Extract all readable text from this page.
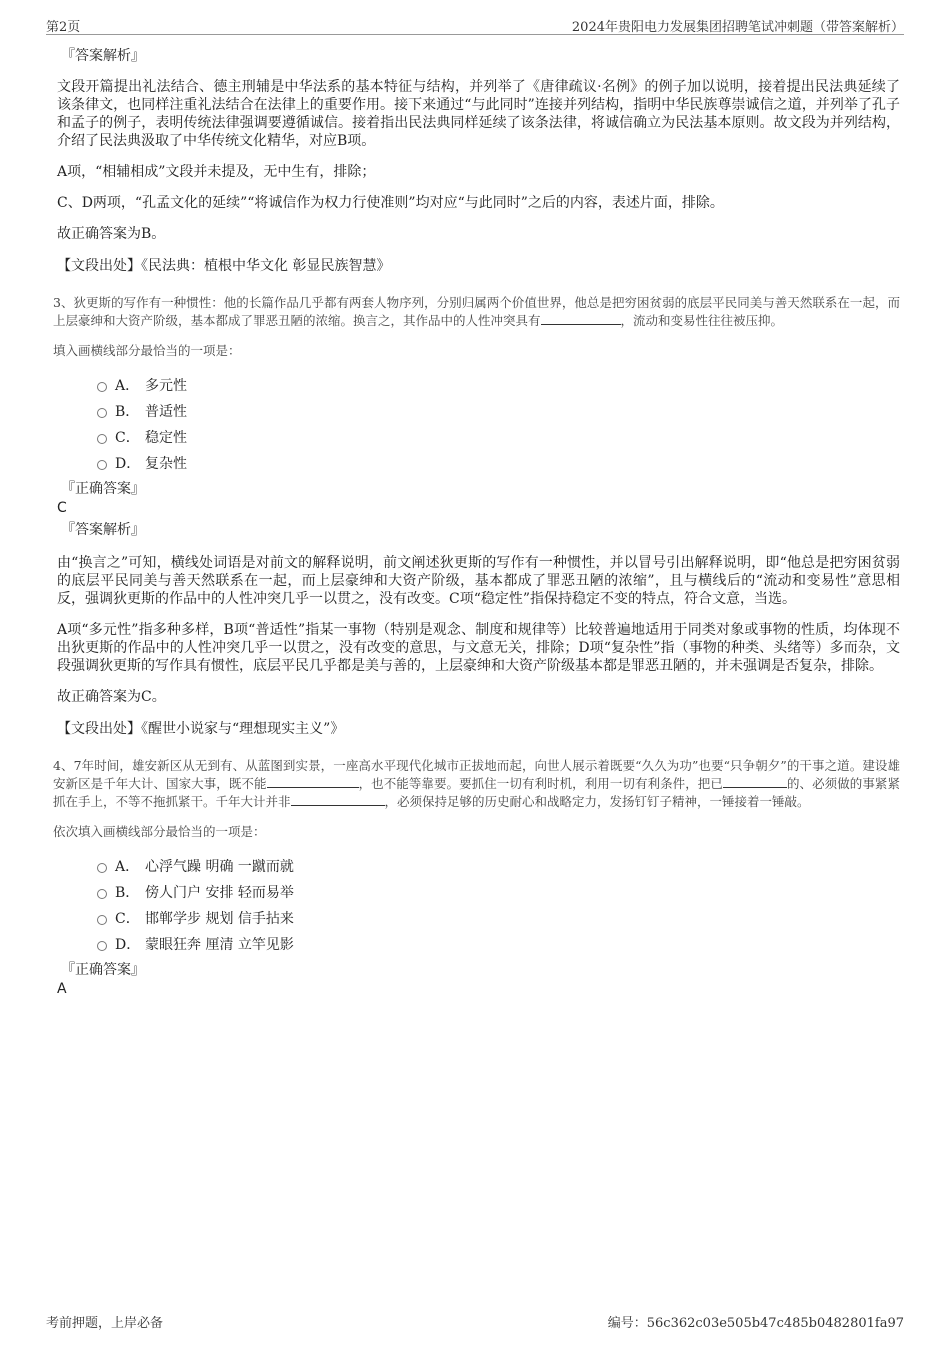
第2页	2024年贵阳电力发展集团招聘笔试冲刺题（带答案解析）
『答案解析』

文段开篇提出礼法结合、德主刑辅是中华法系的基本特征与结构，并列举了《唐律疏议·名例》的例子加以说明，接着提出民法典延续了该条律文，也同样注重礼法结合在法律上的重要作用。接下来通过“与此同时”连接并列结构，指明中华民族尊崇诚信之道，并列举了孔子和孟子的例子，表明传统法律强调要遵循诚信。接着指出民法典同样延续了该条法律，将诚信确立为民法基本原则。故文段为并列结构，介绍了民法典汲取了中华传统文化精华，对应B项。

A项，“相辅相成”文段并未提及，无中生有，排除；

C、D两项，“孔孟文化的延续”“将诚信作为权力行使准则”均对应“与此同时”之后的内容，表述片面，排除。

故正确答案为B。

【文段出处】《民法典：植根中华文化 彰显民族智慧》
3、狄更斯的写作有一种惯性：他的长篇作品几乎都有两套人物序列，分别归属两个价值世界，他总是把穷困贫弱的底层平民同美与善天然联系在一起，而上层豪绅和大资产阶级，基本都成了罪恶丑陋的浓缩。换言之，其作品中的人性冲突具有	，流动和变易性往往被压抑。
填入画横线部分最恰当的一项是：
A． 多元性
B． 普适性
C． 稳定性
D． 复杂性
『正确答案』
C
『答案解析』

由“换言之”可知，横线处词语是对前文的解释说明，前文阐述狄更斯的写作有一种惯性，并以冒号引出解释说明，即“他总是把穷困贫弱的底层平民同美与善天然联系在一起，而上层豪绅和大资产阶级，基本都成了罪恶丑陋的浓缩”，且与横线后的“流动和变易性”意思相反，强调狄更斯的作品中的人性冲突几乎一以贯之，没有改变。C项“稳定性”指保持稳定不变的特点，符合文意，当选。

A项“多元性”指多种多样，B项“普适性”指某一事物（特别是观念、制度和规律等）比较普遍地适用于同类对象或事物的性质，均体现不出狄更斯的作品中的人性冲突几乎一以贯之，没有改变的意思，与文意无关，排除；D项“复杂性”指（事物的种类、头绪等）多而杂，文段强调狄更斯的写作具有惯性，底层平民几乎都是美与善的，上层豪绅和大资产阶级基本都是罪恶丑陋的，并未强调是否复杂，排除。

故正确答案为C。

【文段出处】《醒世小说家与“理想现实主义”》
4、7年时间，雄安新区从无到有、从蓝图到实景，一座高水平现代化城市正拔地而起，向世人展示着既要“久久为功”也要“只争朝夕”的干事之道。建设雄安新区是千年大计、国家大事，既不能	，也不能等靠要。要抓住一切有利时机，利用一切有利条件，把已	的、必须做的事紧紧抓在手上，不等不拖抓紧干。千年大计并非	，必须保持足够的历史耐心和战略定力，发扬钉钉子精神，一锤接着一锤敲。
依次填入画横线部分最恰当的一项是：
A． 心浮气躁 明确 一蹴而就
B． 傍人门户 安排 轻而易举
C． 邯郸学步 规划 信手拈来
D． 蒙眼狂奔 厘清 立竿见影
『正确答案』
A
考前押题，上岸必备	编号：56c362c03e505b47c485b0482801fa97
